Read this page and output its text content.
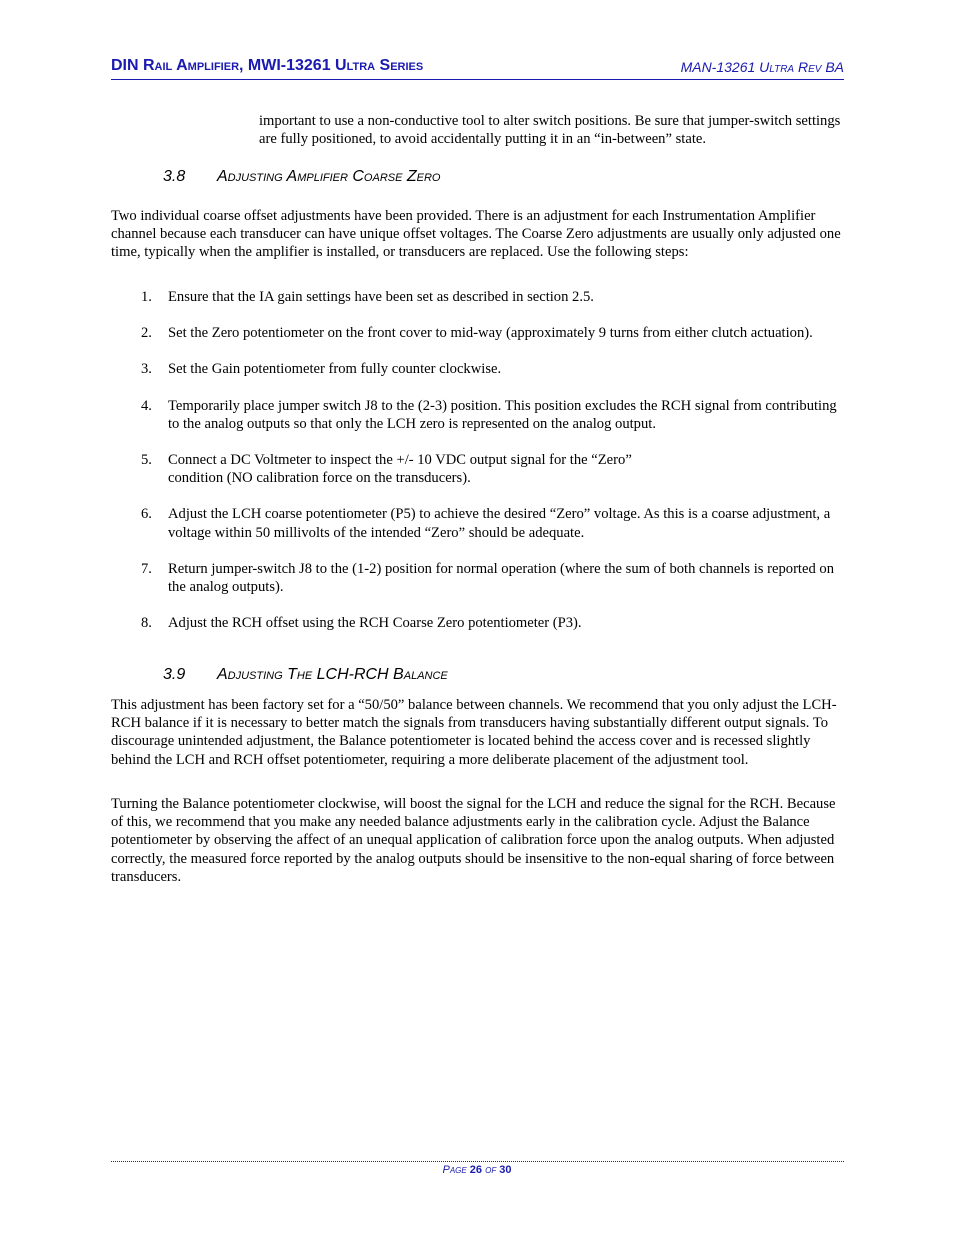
DIN Rail Amplifier, MWI-13261 Ultra Series	MAN-13261 Ultra Rev BA

important to use a non-conductive tool to alter switch positions. Be sure that jumper-switch settings are fully positioned, to avoid accidentally putting it in an “in-between” state.

3.8 Adjusting Amplifier Coarse Zero

Two individual coarse offset adjustments have been provided. There is an adjustment for each Instrumentation Amplifier channel because each transducer can have unique offset voltages. The Coarse Zero adjustments are usually only adjusted one time, typically when the amplifier is installed, or transducers are replaced. Use the following steps:

1.	Ensure that the IA gain settings have been set as described in section 2.5.
2.	Set the Zero potentiometer on the front cover to mid-way (approximately 9 turns from either clutch actuation).
3.	Set the Gain potentiometer from fully counter clockwise.
4.	Temporarily place jumper switch J8 to the (2-3) position. This position excludes the RCH signal from contributing to the analog outputs so that only the LCH zero is represented on the analog output.
5.	Connect a DC Voltmeter to inspect the +/- 10 VDC output signal for the “Zero” condition (NO calibration force on the transducers).
6.	Adjust the LCH coarse potentiometer (P5) to achieve the desired “Zero” voltage. As this is a coarse adjustment, a voltage within 50 millivolts of the intended “Zero” should be adequate.
7.	Return jumper-switch J8 to the (1-2) position for normal operation (where the sum of both channels is reported on the analog outputs).
8.	Adjust the RCH offset using the RCH Coarse Zero potentiometer (P3).
3.9 Adjusting The LCH-RCH Balance

This adjustment has been factory set for a “50/50” balance between channels. We recommend that you only adjust the LCH-RCH balance if it is necessary to better match the signals from transducers having substantially different output signals. To discourage unintended adjustment, the Balance potentiometer is located behind the access cover and is recessed slightly behind the LCH and RCH offset potentiometer, requiring a more deliberate placement of the adjustment tool.

Turning the Balance potentiometer clockwise, will boost the signal for the LCH and reduce the signal for the RCH. Because of this, we recommend that you make any needed balance adjustments early in the calibration cycle. Adjust the Balance potentiometer by observing the affect of an unequal application of calibration force upon the analog outputs. When adjusted correctly, the measured force reported by the analog outputs should be insensitive to the non-equal sharing of force between transducers.

Page 26 of 30
